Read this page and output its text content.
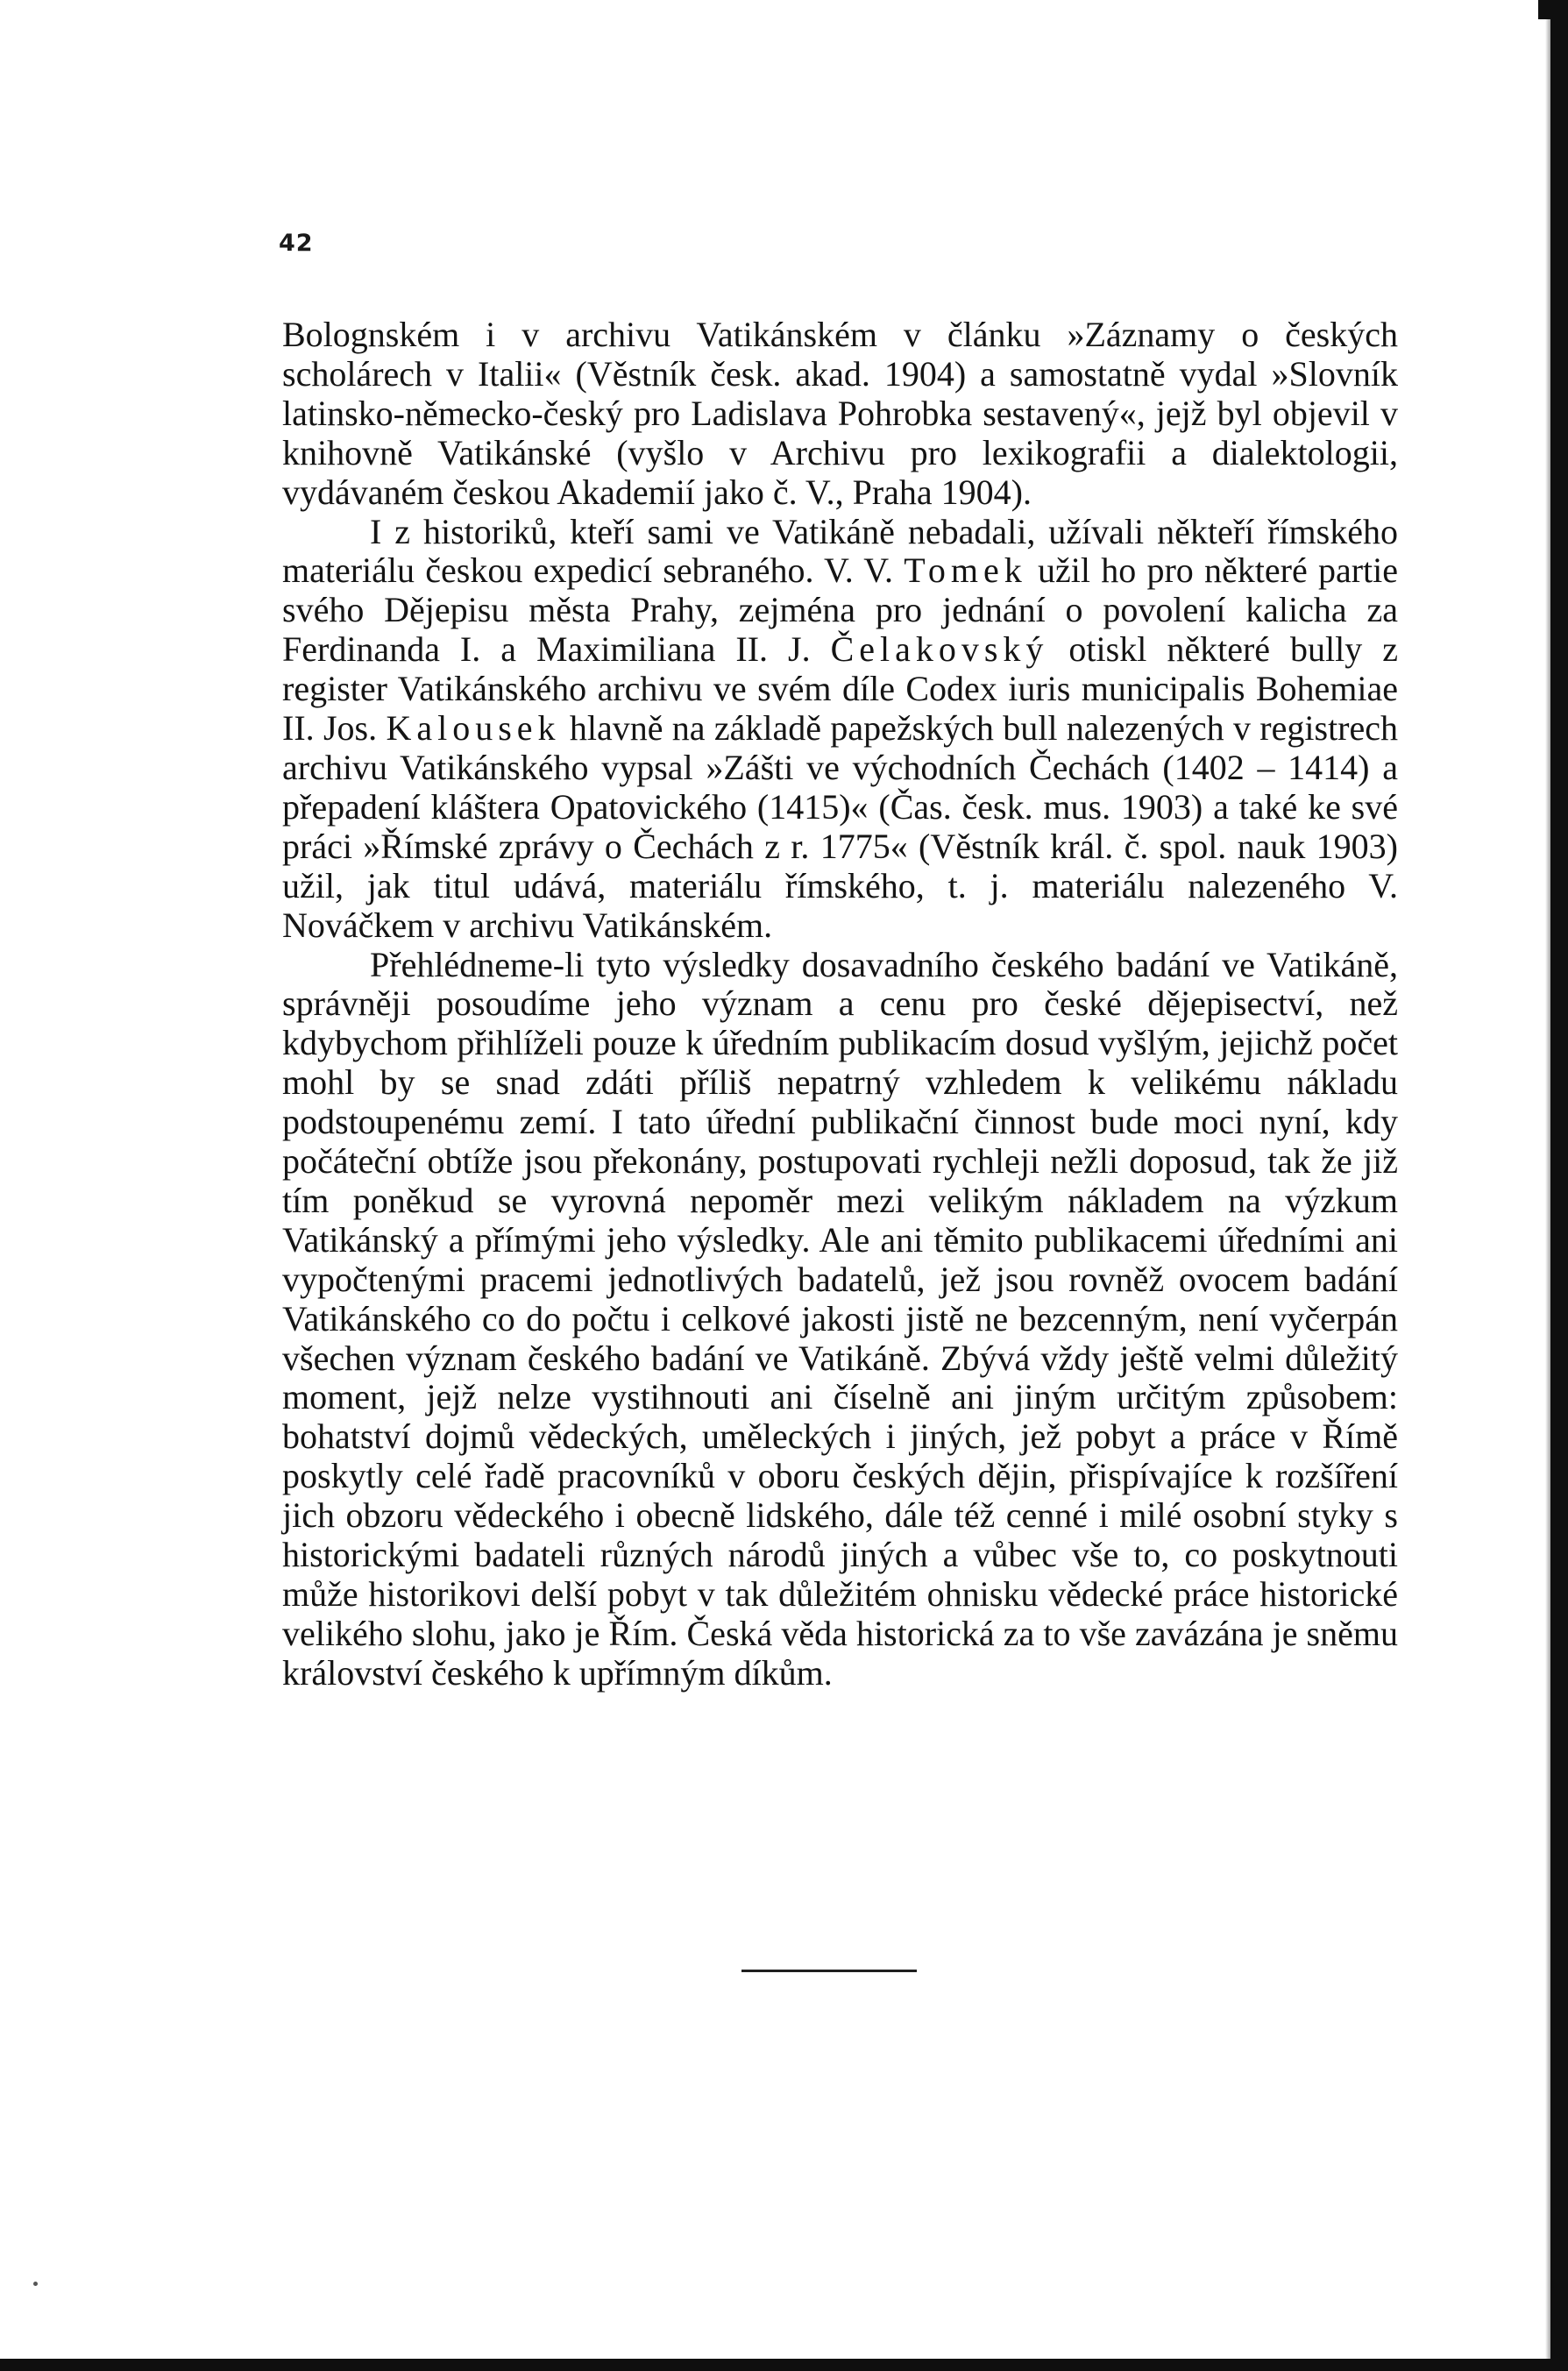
42

Bolognském i v archivu Vatikánském v článku »Záznamy o českých scholárech v Italii« (Věstník česk. akad. 1904) a samostatně vydal »Slovník latinsko-německo-český pro Ladislava Pohrobka sestavený«, jejž byl objevil v knihovně Vatikánské (vyšlo v Archivu pro lexikografii a dialektologii, vydávaném českou Akademií jako č. V., Praha 1904).

I z historiků, kteří sami ve Vatikáně nebadali, užívali někteří římského materiálu českou expedicí sebraného. V. V. Tomek užil ho pro některé partie svého Dějepisu města Prahy, zejména pro jednání o povolení kalicha za Ferdinanda I. a Maximiliana II. J. Čelakovský otiskl některé bully z register Vatikánského archivu ve svém díle Codex iuris municipalis Bohemiae II. Jos. Kalousek hlavně na základě papežských bull nalezených v registrech archivu Vatikánského vypsal »Zášti ve východních Čechách (1402 – 1414) a přepadení kláštera Opatovického (1415)« (Čas. česk. mus. 1903) a také ke své práci »Římské zprávy o Čechách z r. 1775« (Věstník král. č. spol. nauk 1903) užil, jak titul udává, materiálu římského, t. j. materiálu nalezeného V. Nováčkem v archivu Vatikánském.

Přehlédneme-li tyto výsledky dosavadního českého badání ve Vatikáně, správněji posoudíme jeho význam a cenu pro české dějepisectví, než kdybychom přihlíželi pouze k úředním publikacím dosud vyšlým, jejichž počet mohl by se snad zdáti příliš nepatrný vzhledem k velikému nákladu podstoupenému zemí. I tato úřední publikační činnost bude moci nyní, kdy počáteční obtíže jsou překonány, postupovati rychleji nežli doposud, tak že již tím poněkud se vyrovná nepoměr mezi velikým nákladem na výzkum Vatikánský a přímými jeho výsledky. Ale ani těmito publikacemi úředními ani vypočtenými pracemi jednotlivých badatelů, jež jsou rovněž ovocem badání Vatikánského co do počtu i celkové jakosti jistě ne bezcenným, není vyčerpán všechen význam českého badání ve Vatikáně. Zbývá vždy ještě velmi důležitý moment, jejž nelze vystihnouti ani číselně ani jiným určitým způsobem: bohatství dojmů vědeckých, uměleckých i jiných, jež pobyt a práce v Římě poskytly celé řadě pracovníků v oboru českých dějin, přispívajíce k rozšíření jich obzoru vědeckého i obecně lidského, dále též cenné i milé osobní styky s historickými badateli různých národů jiných a vůbec vše to, co poskytnouti může historikovi delší pobyt v tak důležitém ohnisku vědecké práce historické velikého slohu, jako je Řím. Česká věda historická za to vše zavázána je sněmu království českého k upřímným díkům.
